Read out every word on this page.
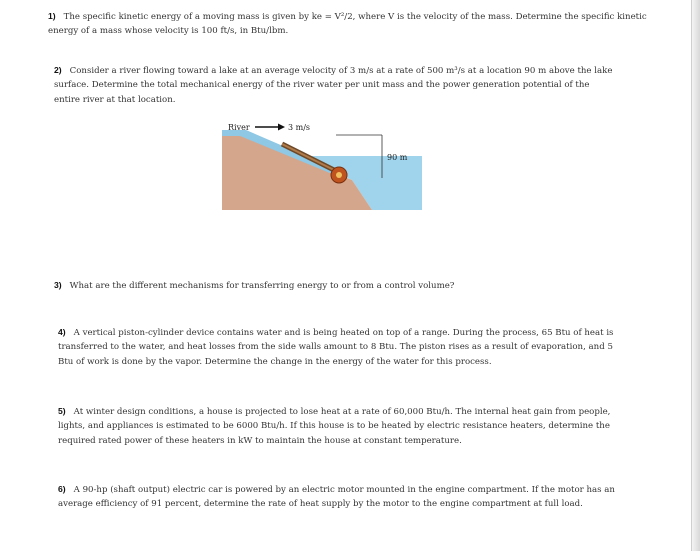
1) The specific kinetic energy of a moving mass is given by ke = V²/2, where V is the velocity of the mass. Determine the specific kinetic energy of a mass whose velocity is 100 ft/s, in Btu/lbm.
2) Consider a river flowing toward a lake at an average velocity of 3 m/s at a rate of 500 m³/s at a location 90 m above the lake surface. Determine the total mechanical energy of the river water per unit mass and the power generation potential of the entire river at that location.
River	3 m/s
90 m
3) What are the different mechanisms for transferring energy to or from a control volume?
4) A vertical piston-cylinder device contains water and is being heated on top of a range. During the process, 65 Btu of heat is transferred to the water, and heat losses from the side walls amount to 8 Btu. The piston rises as a result of evaporation, and 5 Btu of work is done by the vapor. Determine the change in the energy of the water for this process.
5) At winter design conditions, a house is projected to lose heat at a rate of 60,000 Btu/h. The internal heat gain from people, lights, and appliances is estimated to be 6000 Btu/h. If this house is to be heated by electric resistance heaters, determine the required rated power of these heaters in kW to maintain the house at constant temperature.
6) A 90-hp (shaft output) electric car is powered by an electric motor mounted in the engine compartment. If the motor has an average efficiency of 91 percent, determine the rate of heat supply by the motor to the engine compartment at full load.
